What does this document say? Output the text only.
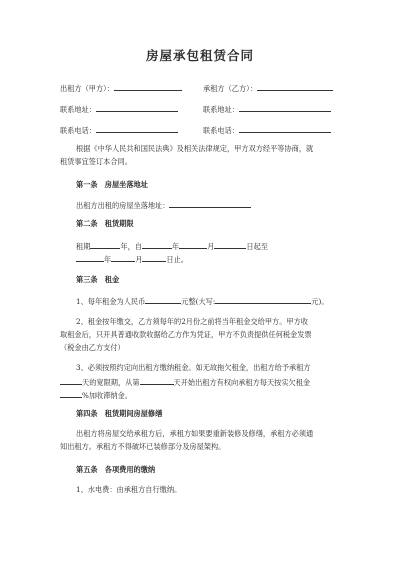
房屋承包租赁合同
出租方（甲方）：	承租方（乙方）：
联系地址：	联系地址：
联系电话：	联系电话：
根据《中华人民共和国民法典》及相关法律规定，甲方双方经平等协商，就
租赁事宜签订本合同。
第一条　房屋坐落地址
出租方出租的房屋坐落地址：
第二条　租赁期限
租期	年，自	年	月	日起至
年	月	日止。
第三条　租金
1、每年租金为人民币	元整(大写:	元)。
2、租金按年缴交，乙方须每年的2月份之前将当年租金交给甲方。甲方收
取租金后，只开具普通收款收据给乙方作为凭证，甲方不负责提供任何税金发票
（税金由乙方支付）
3、必须按照约定向出租方缴纳租金。如无故拖欠租金，出租方给予承租方
天的宽限期，从第	天开始出租方有权向承租方每天按实欠租金
%加收滞纳金。
第四条　租赁期间房屋修缮
出租方将房屋交给承租方后，承租方如果要重新装修及修缮，承租方必须通
知出租方。承租方不得破坏已装修部分及房屋架构。
第五条　各项费用的缴纳
1、水电费：由承租方自行缴纳。
